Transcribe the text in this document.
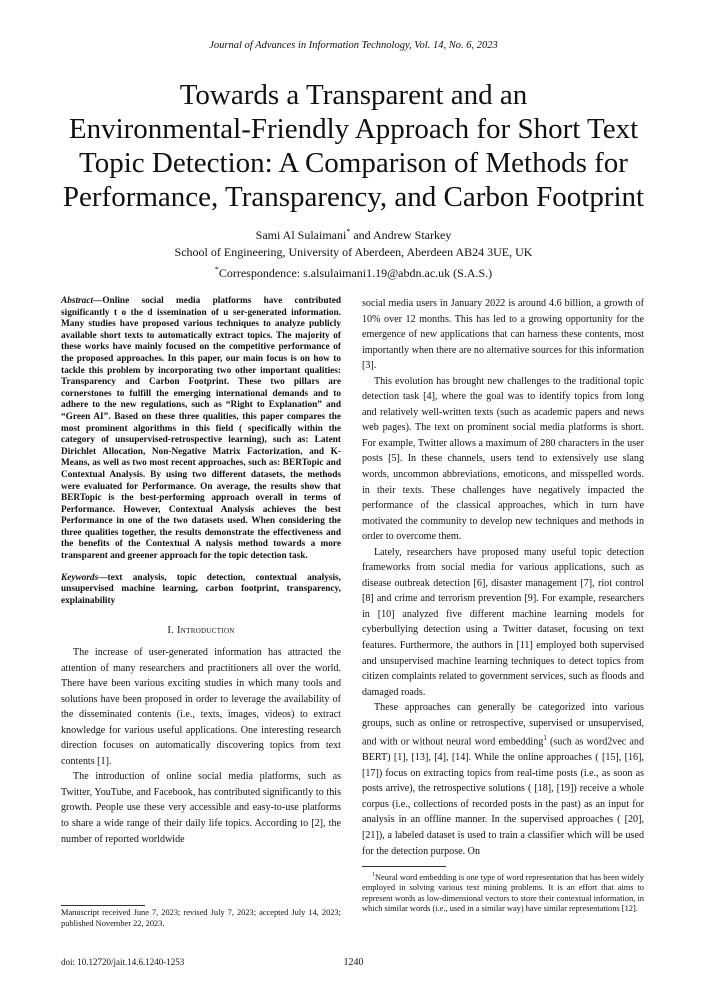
Journal of Advances in Information Technology, Vol. 14, No. 6, 2023
Towards a Transparent and an
Environmental-Friendly Approach for Short Text
Topic Detection: A Comparison of Methods for
Performance, Transparency, and Carbon Footprint
Sami Al Sulaimani* and Andrew Starkey
School of Engineering, University of Aberdeen, Aberdeen AB24 3UE, UK
*Correspondence: s.alsulaimani1.19@abdn.ac.uk (S.A.S.)

Abstract—Online social media platforms have contributed significantly t o the d issemination of u ser-generated information. Many studies have proposed various techniques to analyze publicly available short texts to automatically extract topics. The majority of these works have mainly focused on the competitive performance of the proposed approaches. In this paper, our main focus is on how to tackle this problem by incorporating two other important qualities: Transparency and Carbon Footprint. These two pillars are cornerstones to fulfill the emerging international demands and to adhere to the new regulations, such as “Right to Explanation” and “Green AI”. Based on these three qualities, this paper compares the most prominent algorithms in this field ( specifically within the category of unsupervised-retrospective learning), such as: Latent Dirichlet Allocation, Non-Negative Matrix Factorization, and K-Means, as well as two most recent approaches, such as: BERTopic and Contextual Analysis. By using two different datasets, the methods were evaluated for Performance. On average, the results show that BERTopic is the best-performing approach overall in terms of Performance. However, Contextual Analysis achieves the best Performance in one of the two datasets used. When considering the three qualities together, the results demonstrate the effectiveness and the benefits of the Contextual A nalysis method towards a more transparent and greener approach for the topic detection task.

Keywords—text analysis, topic detection, contextual analysis, unsupervised machine learning, carbon footprint, transparency, explainability

I. Introduction

The increase of user-generated information has attracted the attention of many researchers and practitioners all over the world. There have been various exciting studies in which many tools and solutions have been proposed in order to leverage the availability of the disseminated contents (i.e., texts, images, videos) to extract knowledge for various useful applications. One interesting research direction focuses on automatically discovering topics from text contents [1].

The introduction of online social media platforms, such as Twitter, YouTube, and Facebook, has contributed significantly to this growth. People use these very accessible and easy-to-use platforms to share a wide range of their daily life topics. According to [2], the number of reported worldwide

social media users in January 2022 is around 4.6 billion, a growth of 10% over 12 months. This has led to a growing opportunity for the emergence of new applications that can harness these contents, most importantly when there are no alternative sources for this information [3].

This evolution has brought new challenges to the traditional topic detection task [4], where the goal was to identify topics from long and relatively well-written texts (such as academic papers and news web pages). The text on prominent social media platforms is short. For example, Twitter allows a maximum of 280 characters in the user posts [5]. In these channels, users tend to extensively use slang words, uncommon abbreviations, emoticons, and misspelled words. in their texts. These challenges have negatively impacted the performance of the classical approaches, which in turn have motivated the community to develop new techniques and methods in order to overcome them.

Lately, researchers have proposed many useful topic detection frameworks from social media for various applications, such as disease outbreak detection [6], disaster management [7], riot control [8] and crime and terrorism prevention [9]. For example, researchers in [10] analyzed five different machine learning models for cyberbullying detection using a Twitter dataset, focusing on text features. Furthermore, the authors in [11] employed both supervised and unsupervised machine learning techniques to detect topics from citizen complaints related to government services, such as floods and damaged roads.

These approaches can generally be categorized into various groups, such as online or retrospective, supervised or unsupervised, and with or without neural word embedding$^1$ (such as word2vec and BERT) [1], [13], [4], [14]. While the online approaches ( [15], [16], [17]) focus on extracting topics from real-time posts (i.e., as soon as posts arrive), the retrospective solutions ( [18], [19]) receive a whole corpus (i.e., collections of recorded posts in the past) as an input for analysis in an offline manner. In the supervised approaches ( [20], [21]), a labeled dataset is used to train a classifier which will be used for the detection purpose. On

$^1$Neural word embedding is one type of word representation that has been widely employed in solving various text mining problems. It is an effort that aims to represent words as low-dimensional vectors to store their contextual information, in which similar words (i.e., used in a similar way) have similar representations [12].
Manuscript received June 7, 2023; revised July 7, 2023; accepted July 14, 2023; published November 22, 2023.
doi: 10.12720/jait.14.6.1240-1253	1240
